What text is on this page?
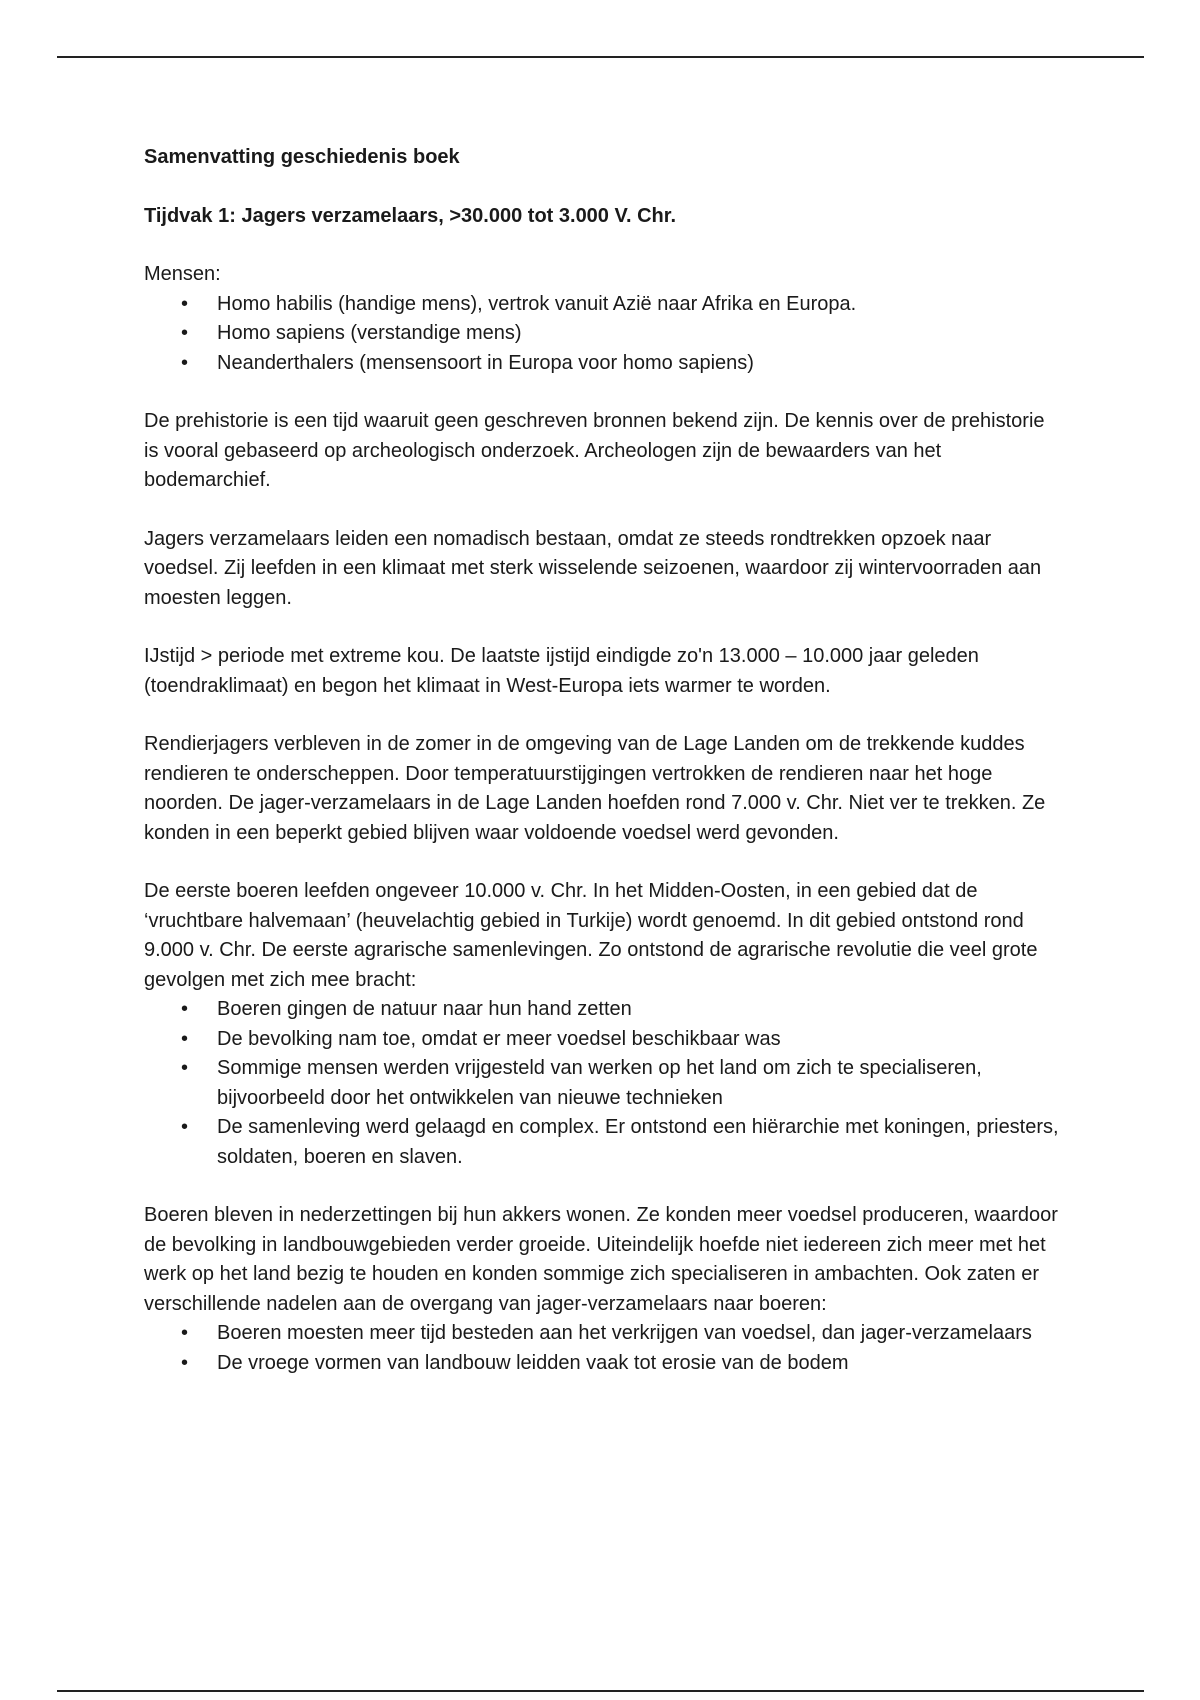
Samenvatting geschiedenis boek

Tijdvak 1: Jagers verzamelaars, >30.000 tot 3.000 V. Chr.

Mensen:

• Homo habilis (handige mens), vertrok vanuit Azië naar Afrika en Europa.
• Homo sapiens (verstandige mens)
• Neanderthalers (mensensoort in Europa voor homo sapiens)

De prehistorie is een tijd waaruit geen geschreven bronnen bekend zijn. De kennis over de prehistorie is vooral gebaseerd op archeologisch onderzoek. Archeologen zijn de bewaarders van het bodemarchief.

Jagers verzamelaars leiden een nomadisch bestaan, omdat ze steeds rondtrekken opzoek naar voedsel. Zij leefden in een klimaat met sterk wisselende seizoenen, waardoor zij wintervoorraden aan moesten leggen.

IJstijd > periode met extreme kou. De laatste ijstijd eindigde zo'n 13.000 – 10.000 jaar geleden (toendraklimaat) en begon het klimaat in West-Europa iets warmer te worden.

Rendierjagers verbleven in de zomer in de omgeving van de Lage Landen om de trekkende kuddes rendieren te onderscheppen. Door temperatuurstijgingen vertrokken de rendieren naar het hoge noorden. De jager-verzamelaars in de Lage Landen hoefden rond 7.000 v. Chr. Niet ver te trekken. Ze konden in een beperkt gebied blijven waar voldoende voedsel werd gevonden.

De eerste boeren leefden ongeveer 10.000 v. Chr. In het Midden-Oosten, in een gebied dat de ‘vruchtbare halvemaan’ (heuvelachtig gebied in Turkije) wordt genoemd. In dit gebied ontstond rond 9.000 v. Chr. De eerste agrarische samenlevingen. Zo ontstond de agrarische revolutie die veel grote gevolgen met zich mee bracht:

• Boeren gingen de natuur naar hun hand zetten
• De bevolking nam toe, omdat er meer voedsel beschikbaar was
• Sommige mensen werden vrijgesteld van werken op het land om zich te specialiseren, bijvoorbeeld door het ontwikkelen van nieuwe technieken
• De samenleving werd gelaagd en complex. Er ontstond een hiërarchie met koningen, priesters, soldaten, boeren en slaven.

Boeren bleven in nederzettingen bij hun akkers wonen. Ze konden meer voedsel produceren, waardoor de bevolking in landbouwgebieden verder groeide. Uiteindelijk hoefde niet iedereen zich meer met het werk op het land bezig te houden en konden sommige zich specialiseren in ambachten. Ook zaten er verschillende nadelen aan de overgang van jager-verzamelaars naar boeren:

• Boeren moesten meer tijd besteden aan het verkrijgen van voedsel, dan jager-verzamelaars
• De vroege vormen van landbouw leidden vaak tot erosie van de bodem
